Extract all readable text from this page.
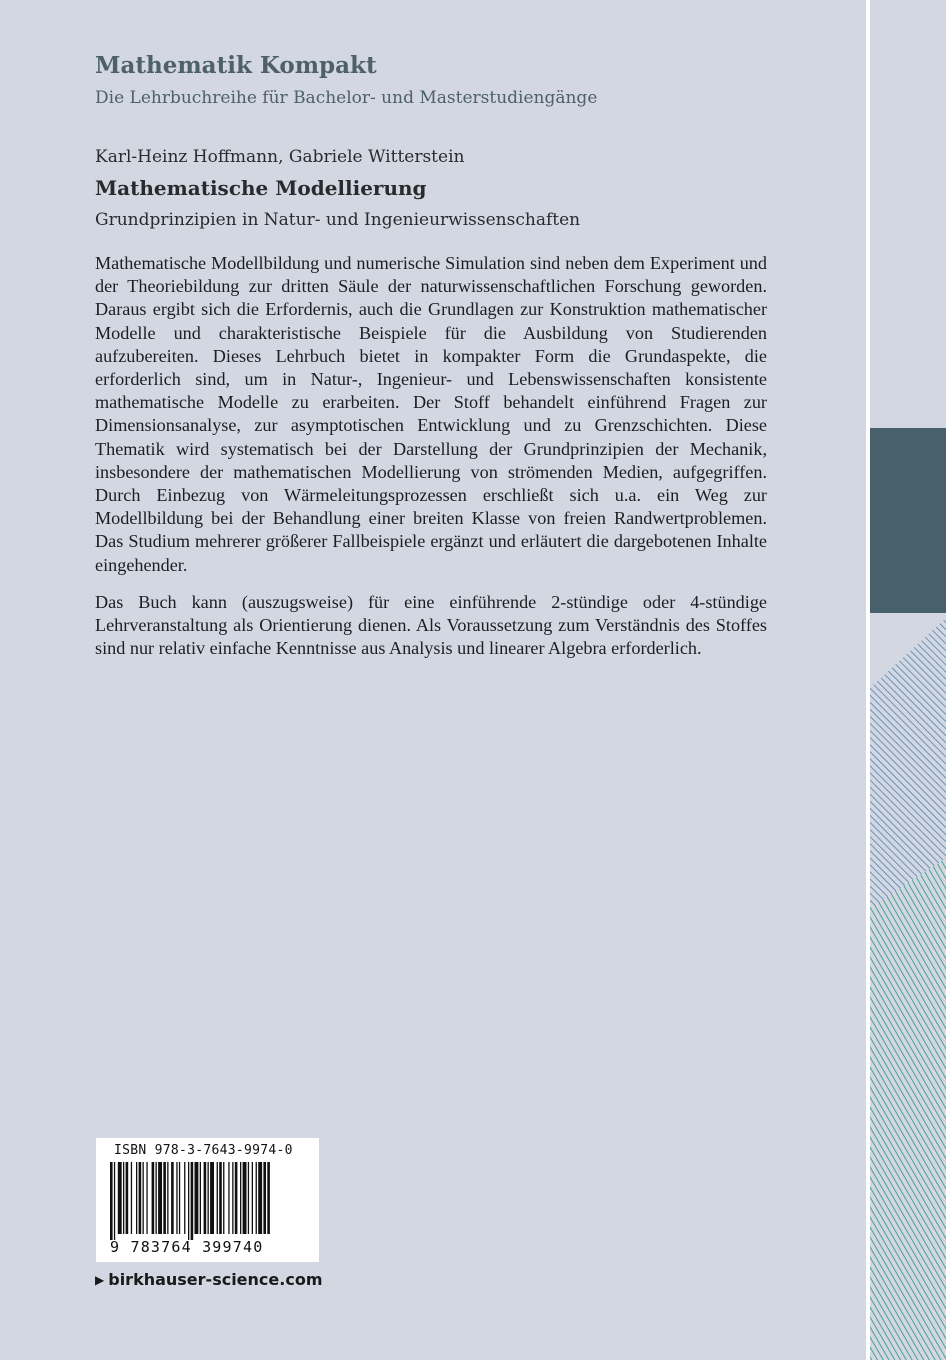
Mathematik Kompakt

Die Lehrbuchreihe für Bachelor- und Masterstudiengänge

Karl-Heinz Hoffmann, Gabriele Witterstein

Mathematische Modellierung

Grundprinzipien in Natur- und Ingenieurwissenschaften

Mathematische Modellbildung und numerische Simulation sind neben dem Experiment und der Theoriebildung zur dritten Säule der naturwissenschaftlichen Forschung geworden. Daraus ergibt sich die Erfordernis, auch die Grundlagen zur Konstruktion mathematischer Modelle und charakteristische Beispiele für die Ausbildung von Studierenden aufzubereiten. Dieses Lehrbuch bietet in kompakter Form die Grundaspekte, die erforderlich sind, um in Natur-, Ingenieur- und Lebenswissenschaften konsistente mathematische Modelle zu erarbeiten. Der Stoff behandelt einführend Fragen zur Dimensionsanalyse, zur asymptotischen Entwicklung und zu Grenzschichten. Diese Thematik wird systematisch bei der Darstellung der Grundprinzipien der Mechanik, insbesondere der mathematischen Modellierung von strömenden Medien, aufgegriffen. Durch Einbezug von Wärmeleitungsprozessen erschließt sich u.a. ein Weg zur Modellbildung bei der Behandlung einer breiten Klasse von freien Randwertproblemen. Das Studium mehrerer größerer Fallbeispiele ergänzt und erläutert die dargebotenen Inhalte eingehender.

Das Buch kann (auszugsweise) für eine einführende 2-stündige oder 4-stündige Lehrveranstaltung als Orientierung dienen. Als Voraussetzung zum Verständnis des Stoffes sind nur relativ einfache Kenntnisse aus Analysis und linearer Algebra erforderlich.

ISBN 978-3-7643-9974-0
9 783764 399740

▶ birkhauser-science.com
